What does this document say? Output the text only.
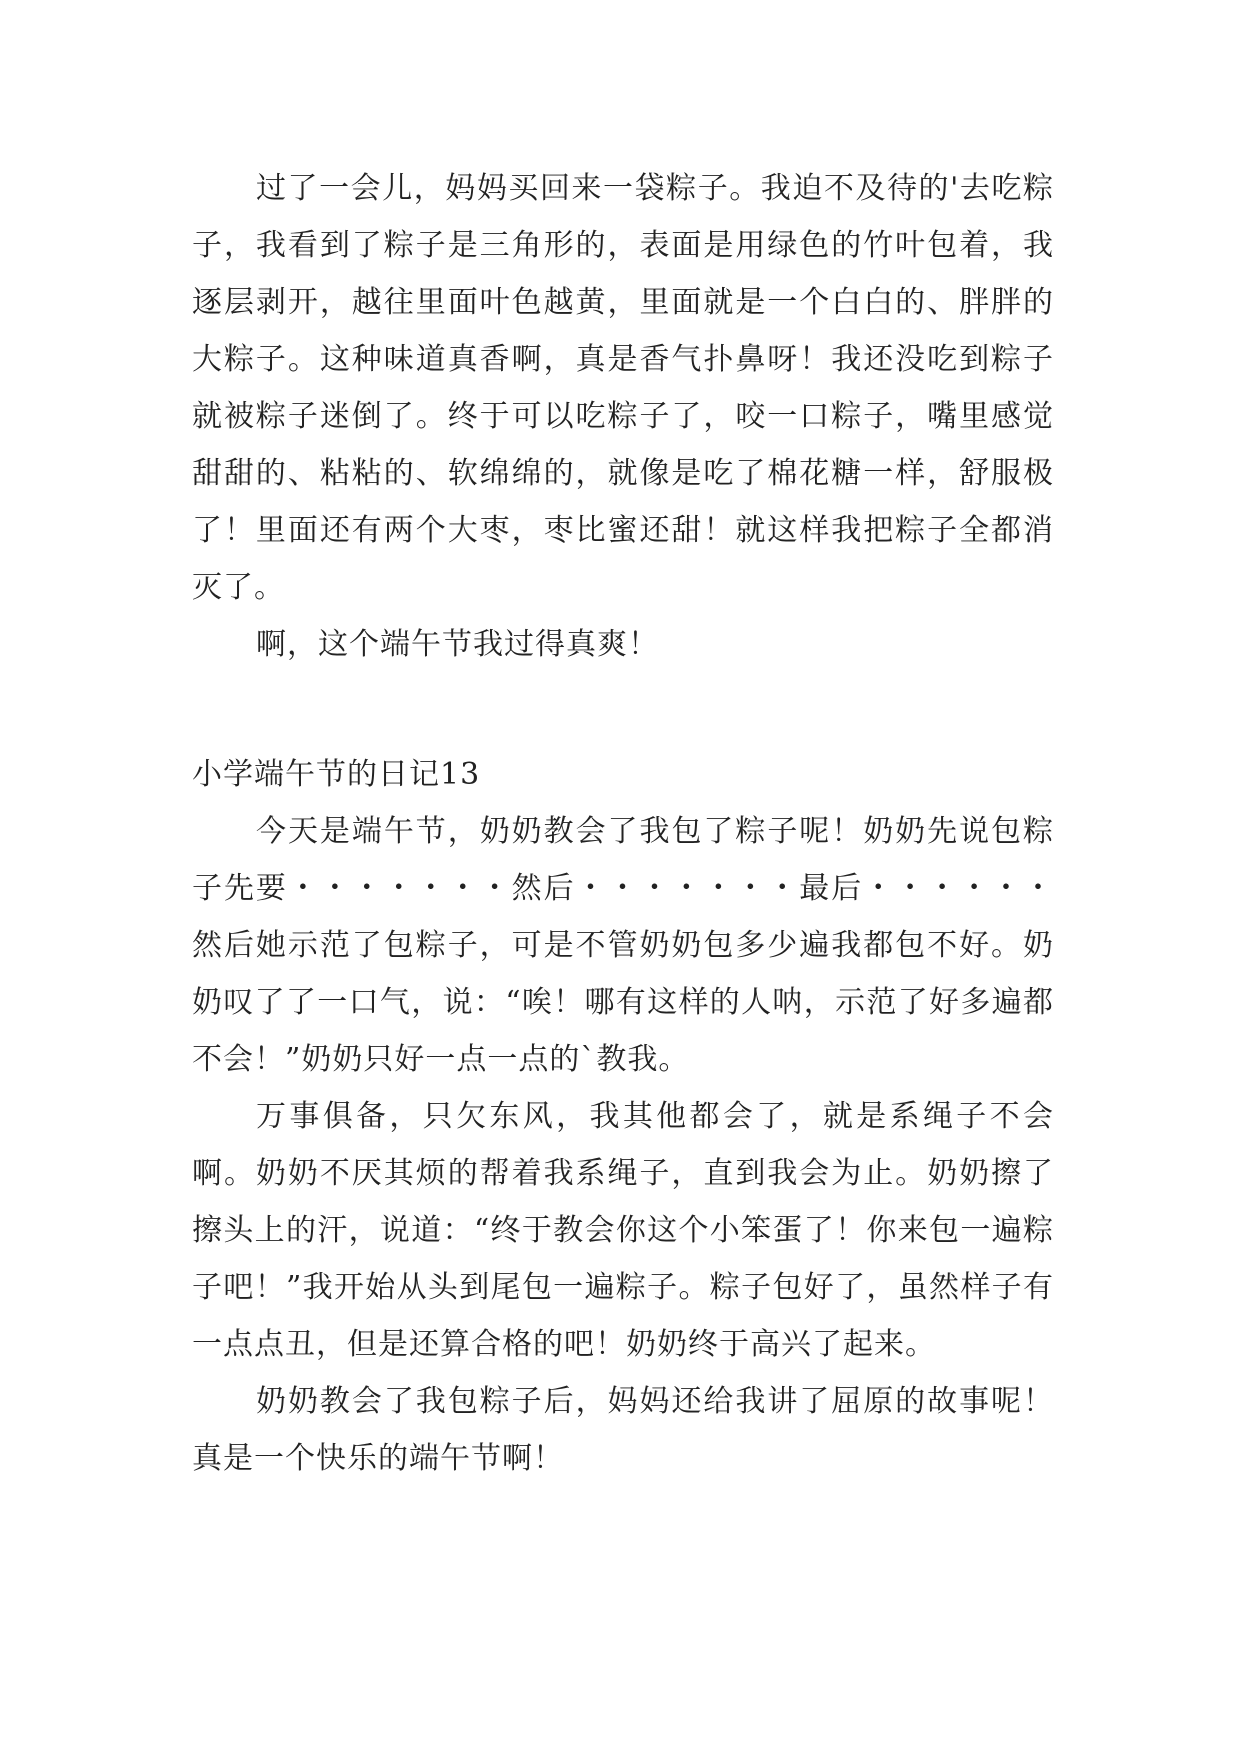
过了一会儿，妈妈买回来一袋粽子。我迫不及待的'去吃粽子，我看到了粽子是三角形的，表面是用绿色的竹叶包着，我逐层剥开，越往里面叶色越黄，里面就是一个白白的、胖胖的大粽子。这种味道真香啊，真是香气扑鼻呀！我还没吃到粽子就被粽子迷倒了。终于可以吃粽子了，咬一口粽子，嘴里感觉甜甜的、粘粘的、软绵绵的，就像是吃了棉花糖一样，舒服极了！里面还有两个大枣，枣比蜜还甜！就这样我把粽子全都消灭了。

啊，这个端午节我过得真爽！

小学端午节的日记13

今天是端午节，奶奶教会了我包了粽子呢！奶奶先说包粽子先要・・・・・・・然后・・・・・・・最后・・・・・・然后她示范了包粽子，可是不管奶奶包多少遍我都包不好。奶奶叹了了一口气，说：“唉！哪有这样的人呐，示范了好多遍都不会！”奶奶只好一点一点的`教我。

万事俱备，只欠东风，我其他都会了，就是系绳子不会啊。奶奶不厌其烦的帮着我系绳子，直到我会为止。奶奶擦了擦头上的汗，说道：“终于教会你这个小笨蛋了！你来包一遍粽子吧！”我开始从头到尾包一遍粽子。粽子包好了，虽然样子有一点点丑，但是还算合格的吧！奶奶终于高兴了起来。

奶奶教会了我包粽子后，妈妈还给我讲了屈原的故事呢！真是一个快乐的端午节啊！
